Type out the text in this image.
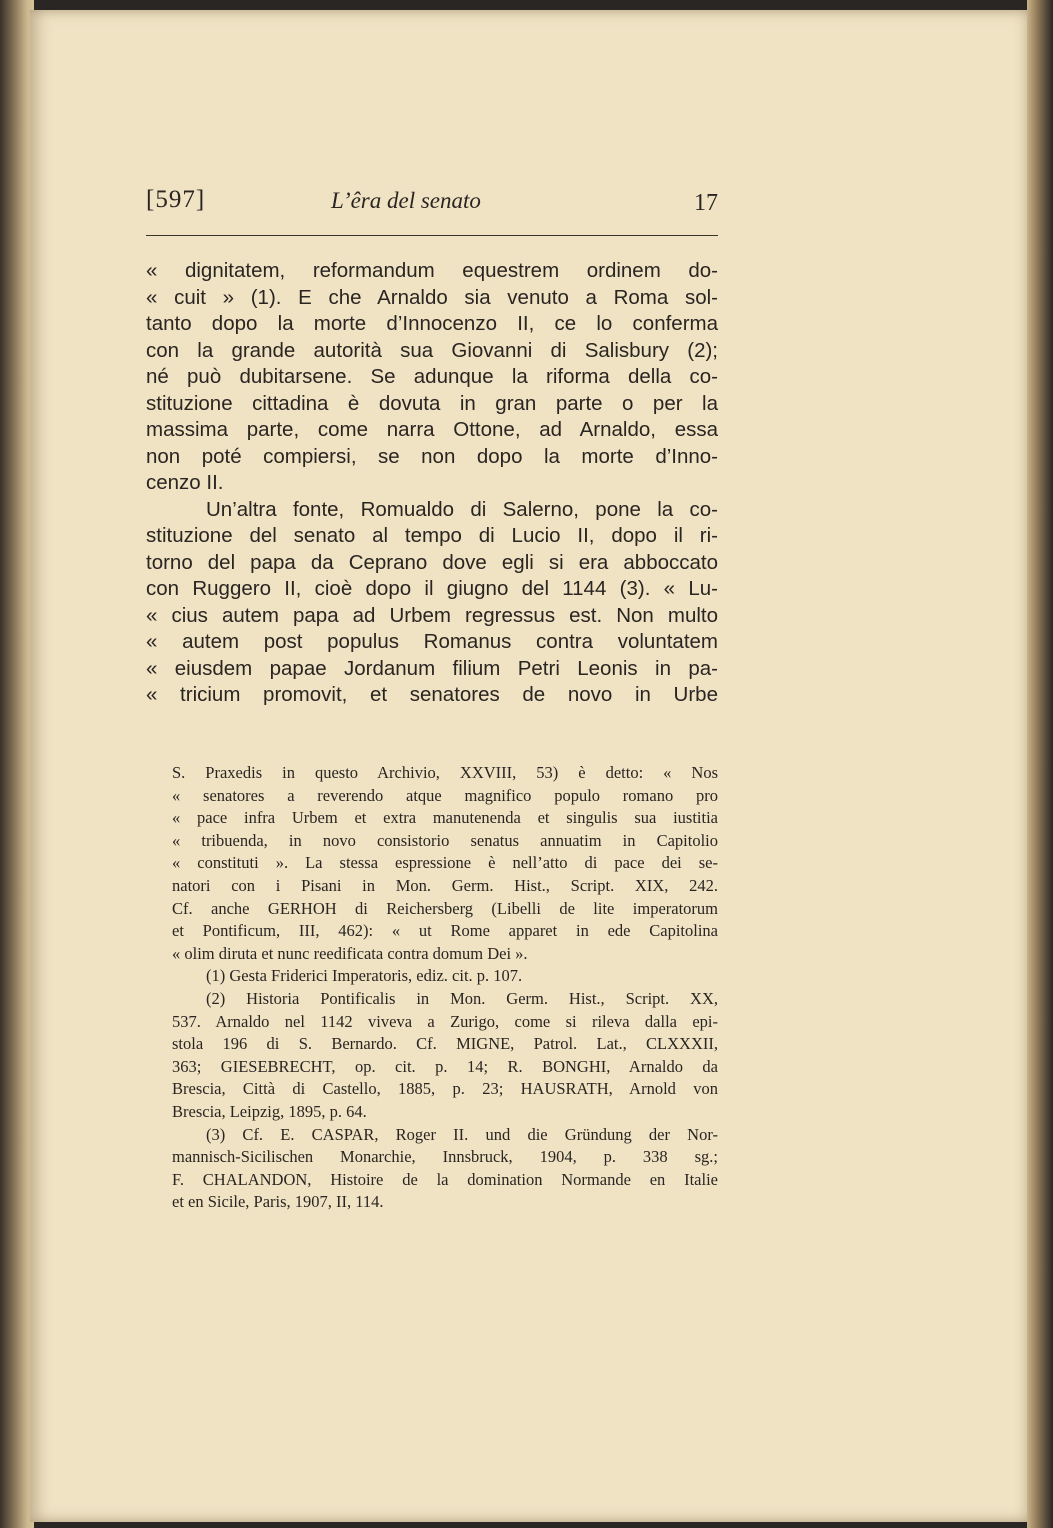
[597]	L’êra del senato	17
« dignitatem, reformandum equestrem ordinem do-
« cuit » (1). E che Arnaldo sia venuto a Roma sol-
tanto dopo la morte d’Innocenzo II, ce lo conferma
con la grande autorità sua Giovanni di Salisbury (2);
né può dubitarsene. Se adunque la riforma della co-
stituzione cittadina è dovuta in gran parte o per la
massima parte, come narra Ottone, ad Arnaldo, essa
non poté compiersi, se non dopo la morte d’Inno-
cenzo II.
Un’altra fonte, Romualdo di Salerno, pone la co-
stituzione del senato al tempo di Lucio II, dopo il ri-
torno del papa da Ceprano dove egli si era abboccato
con Ruggero II, cioè dopo il giugno del 1144 (3). « Lu-
« cius autem papa ad Urbem regressus est. Non multo
« autem post populus Romanus contra voluntatem
« eiusdem papae Jordanum filium Petri Leonis in pa-
« tricium promovit, et senatores de novo in Urbe
S. Praxedis in questo Archivio, XXVIII, 53) è detto: « Nos
« senatores a reverendo atque magnifico populo romano pro
« pace infra Urbem et extra manutenenda et singulis sua iustitia
« tribuenda, in novo consistorio senatus annuatim in Capitolio
« constituti ». La stessa espressione è nell’atto di pace dei se-
natori con i Pisani in Mon. Germ. Hist., Script. XIX, 242.
Cf. anche GERHOH di Reichersberg (Libelli de lite imperatorum
et Pontificum, III, 462): « ut Rome apparet in ede Capitolina
« olim diruta et nunc reedificata contra domum Dei ».
(1) Gesta Friderici Imperatoris, ediz. cit. p. 107.
(2) Historia Pontificalis in Mon. Germ. Hist., Script. XX,
537. Arnaldo nel 1142 viveva a Zurigo, come si rileva dalla epi-
stola 196 di S. Bernardo. Cf. MIGNE, Patrol. Lat., CLXXXII,
363; GIESEBRECHT, op. cit. p. 14; R. BONGHI, Arnaldo da
Brescia, Città di Castello, 1885, p. 23; HAUSRATH, Arnold von
Brescia, Leipzig, 1895, p. 64.
(3) Cf. E. CASPAR, Roger II. und die Gründung der Nor-
mannisch-Sicilischen Monarchie, Innsbruck, 1904, p. 338 sg.;
F. CHALANDON, Histoire de la domination Normande en Italie
et en Sicile, Paris, 1907, II, 114.
